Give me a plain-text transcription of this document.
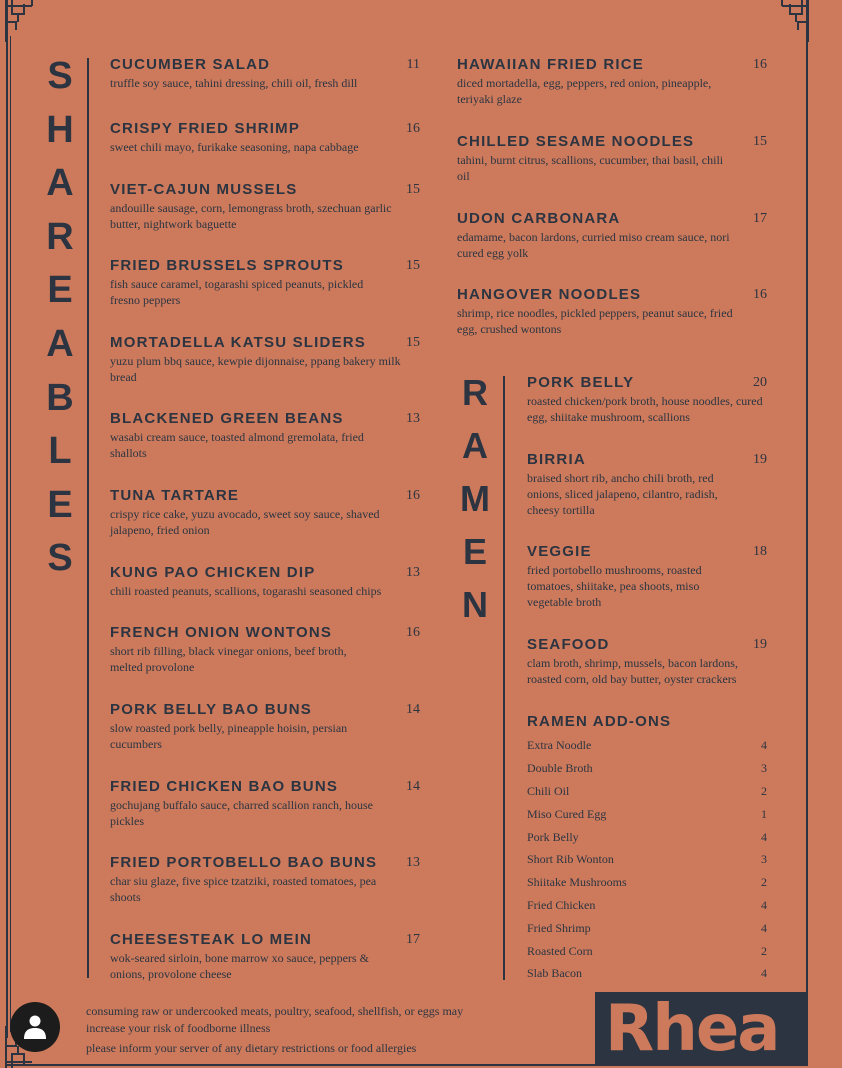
S
H
A
R
E
A
B
L
E
S
R
A
M
E
N
CUCUMBER SALAD	11
truffle soy sauce, tahini dressing, chili oil, fresh dill
CRISPY FRIED SHRIMP	16
sweet chili mayo, furikake seasoning, napa cabbage
VIET-CAJUN MUSSELS	15
andouille sausage, corn, lemongrass broth, szechuan garlic butter, nightwork baguette
FRIED BRUSSELS SPROUTS	15
fish sauce caramel, togarashi spiced peanuts, pickled fresno peppers
MORTADELLA KATSU SLIDERS	15
yuzu plum bbq sauce, kewpie dijonnaise, ppang bakery milk bread
BLACKENED GREEN BEANS	13
wasabi cream sauce, toasted almond gremolata, fried shallots
TUNA TARTARE	16
crispy rice cake, yuzu avocado, sweet soy sauce, shaved jalapeno, fried onion
KUNG PAO CHICKEN DIP	13
chili roasted peanuts, scallions, togarashi seasoned chips
FRENCH ONION WONTONS	16
short rib filling, black vinegar onions, beef broth, melted provolone
PORK BELLY BAO BUNS	14
slow roasted pork belly, pineapple hoisin, persian cucumbers
FRIED CHICKEN BAO BUNS	14
gochujang buffalo sauce, charred scallion ranch, house pickles
FRIED PORTOBELLO BAO BUNS	13
char siu glaze, five spice tzatziki, roasted tomatoes, pea shoots
CHEESESTEAK LO MEIN	17
wok-seared sirloin, bone marrow xo sauce, peppers & onions, provolone cheese
HAWAIIAN FRIED RICE	16
diced mortadella, egg, peppers, red onion, pineapple, teriyaki glaze
CHILLED SESAME NOODLES	15
tahini, burnt citrus, scallions, cucumber, thai basil, chili oil
UDON CARBONARA	17
edamame, bacon lardons, curried miso cream sauce, nori cured egg yolk
HANGOVER NOODLES	16
shrimp, rice noodles, pickled peppers, peanut sauce, fried egg, crushed wontons
PORK BELLY	20
roasted chicken/pork broth, house noodles, cured egg, shiitake mushroom, scallions
BIRRIA	19
braised short rib, ancho chili broth, red onions, sliced jalapeno, cilantro, radish, cheesy tortilla
VEGGIE	18
fried portobello mushrooms, roasted tomatoes, shiitake, pea shoots, miso vegetable broth
SEAFOOD	19
clam broth, shrimp, mussels, bacon lardons, roasted corn, old bay butter, oyster crackers
RAMEN ADD-ONS
Extra Noodle	4
Double Broth	3
Chili Oil	2
Miso Cured Egg	1
Pork Belly	4
Short Rib Wonton	3
Shiitake Mushrooms	2
Fried Chicken	4
Fried Shrimp	4
Roasted Corn	2
Slab Bacon	4
consuming raw or undercooked meats, poultry, seafood, shellfish, or eggs may increase your risk of foodborne illness
please inform your server of any dietary restrictions or food allergies	Rhea
